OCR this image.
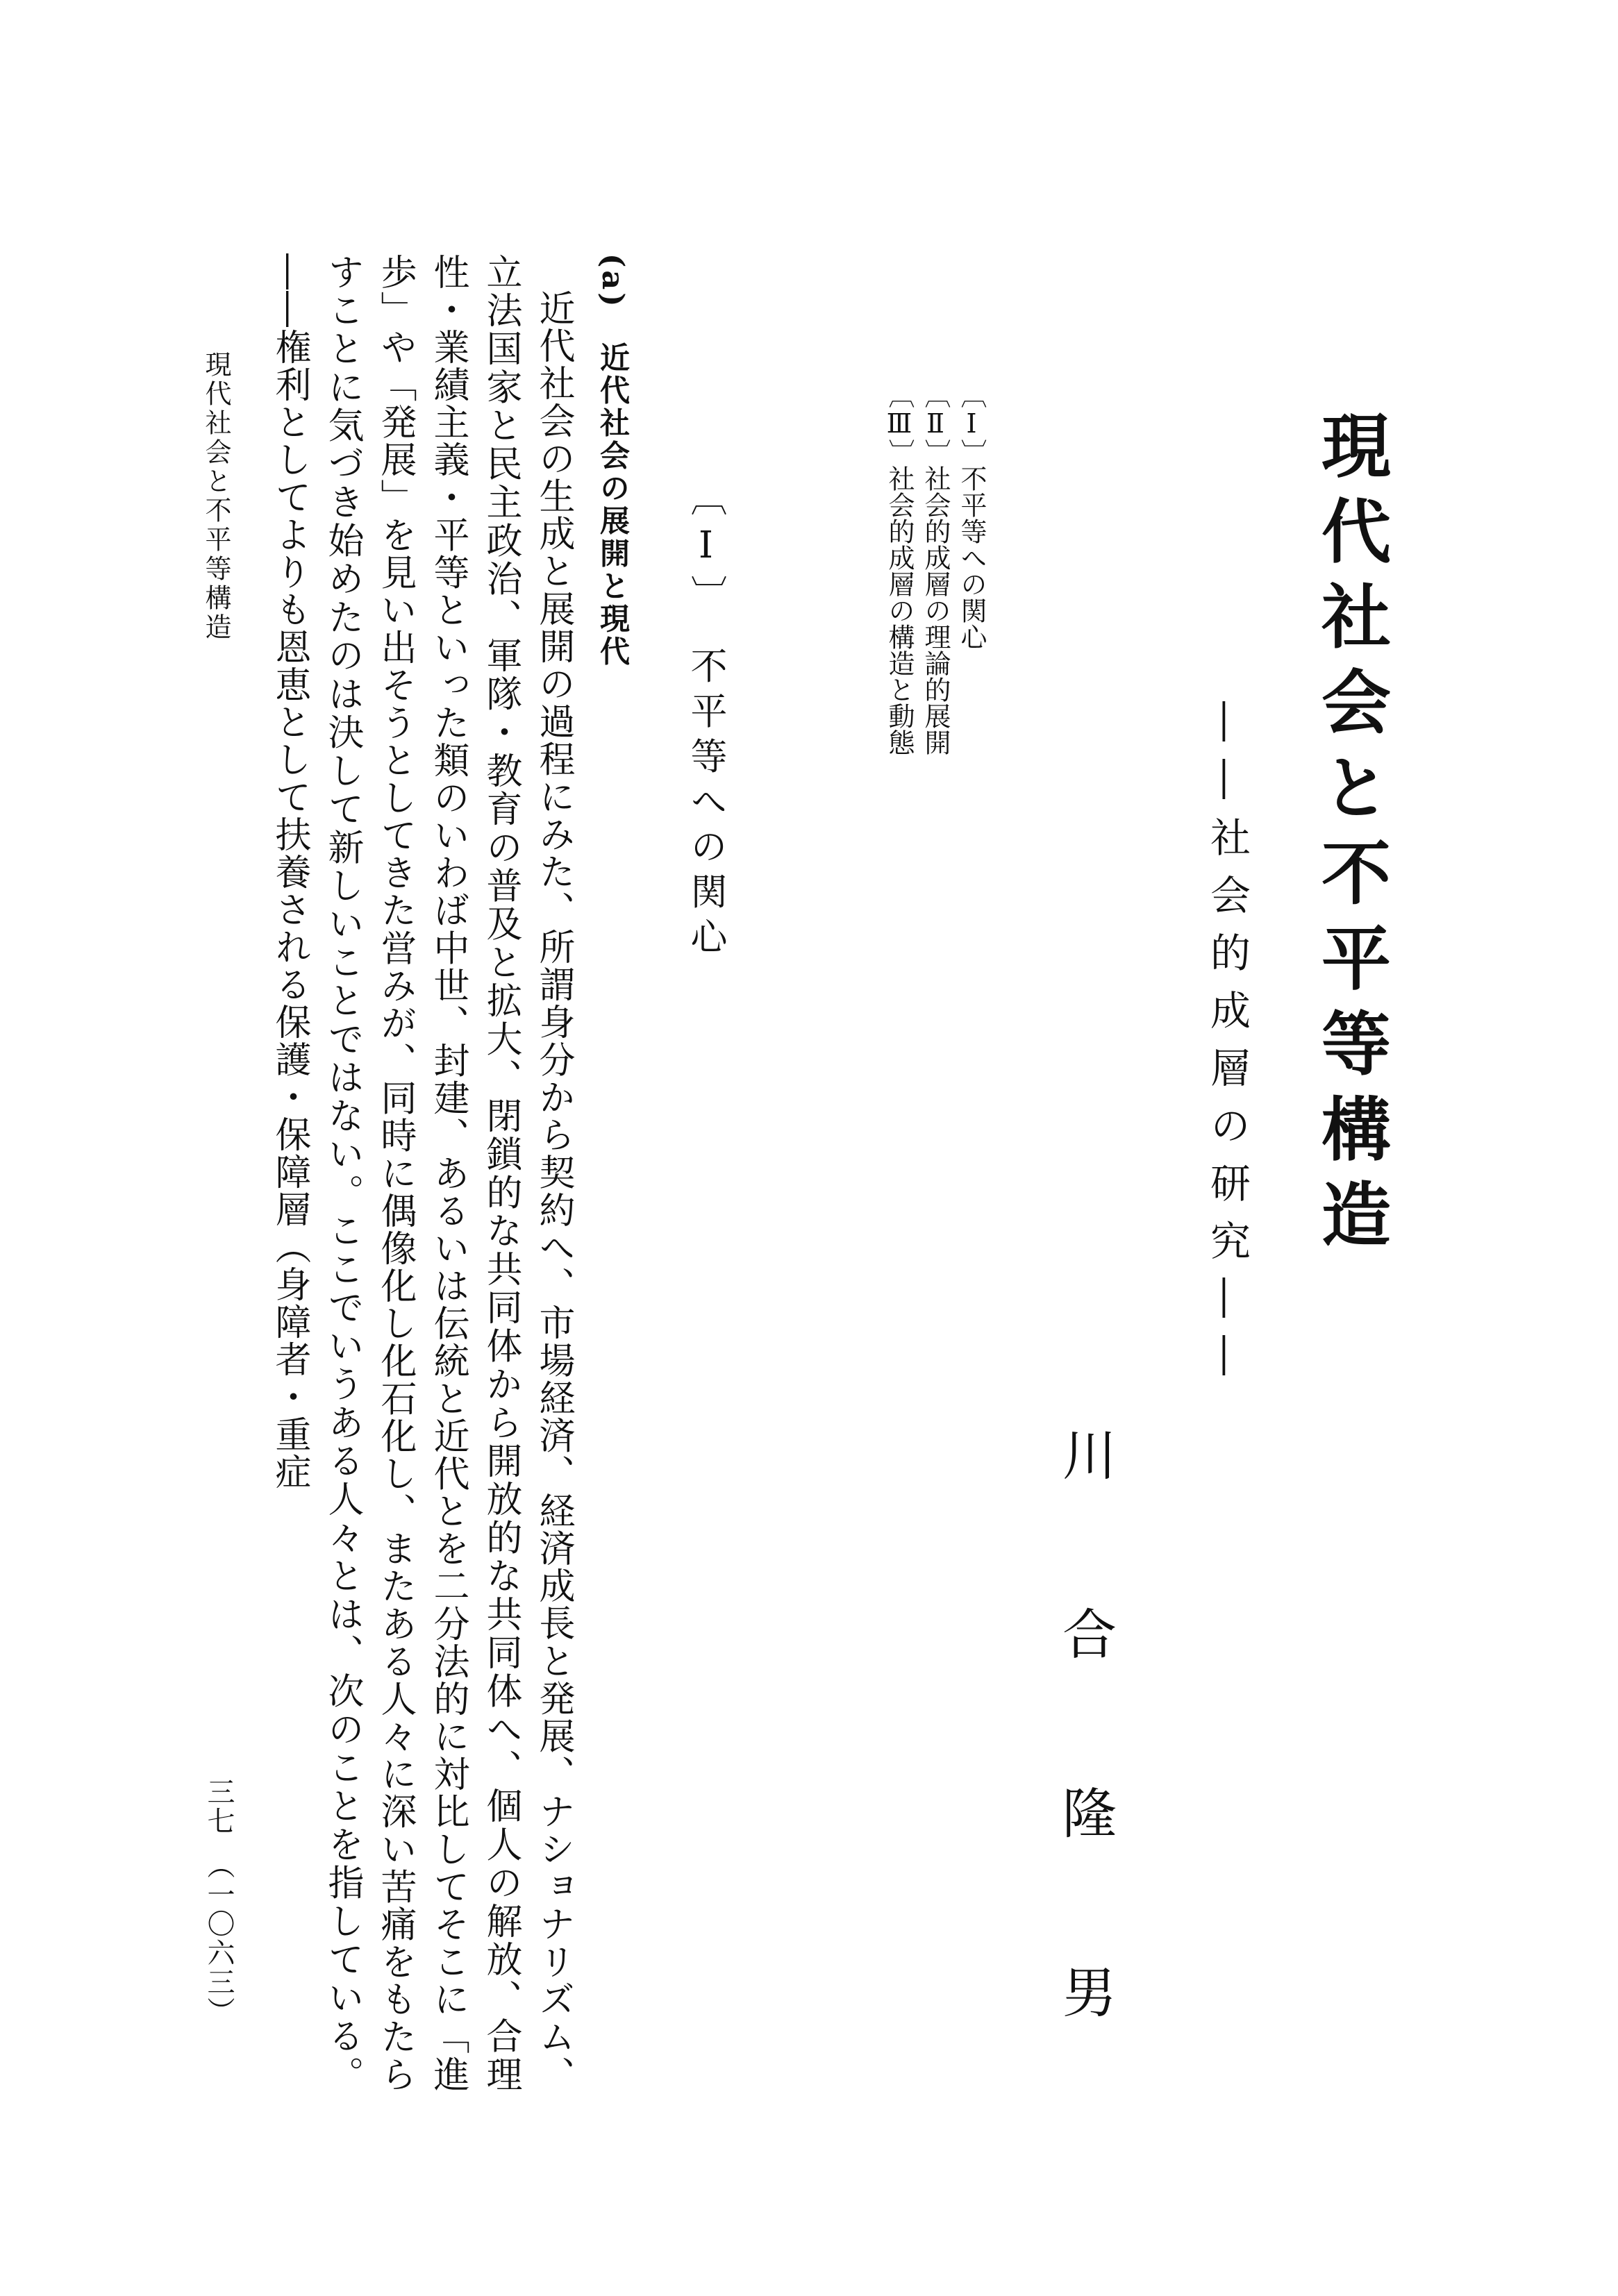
現代社会と不平等構造
――社会的成層の研究――
川合隆男
〔Ⅰ〕不平等への関心
〔Ⅱ〕社会的成層の理論的展開
〔Ⅲ〕社会的成層の構造と動態
〔Ⅰ〕　不平等への関心
(a)　近代社会の展開と現代

近代社会の生成と展開の過程にみた、所謂身分から契約へ、市場経済、経済成長と発展、ナショナリズム、立法国家と民主政治、軍隊・教育の普及と拡大、閉鎖的な共同体から開放的な共同体へ、個人の解放、合理性・業績主義・平等といった類のいわば中世、封建、あるいは伝統と近代とを二分法的に対比してそこに「進歩」や「発展」を見い出そうとしてきた営みが、同時に偶像化し化石化し、またある人々に深い苦痛をもたらすことに気づき始めたのは決して新しいことではない。ここでいうある人々とは、次のことを指している。――権利としてよりも恩恵として扶養される保護・保障層（身障者・重症

現代社会と不平等構造
三七　（一〇六三）
